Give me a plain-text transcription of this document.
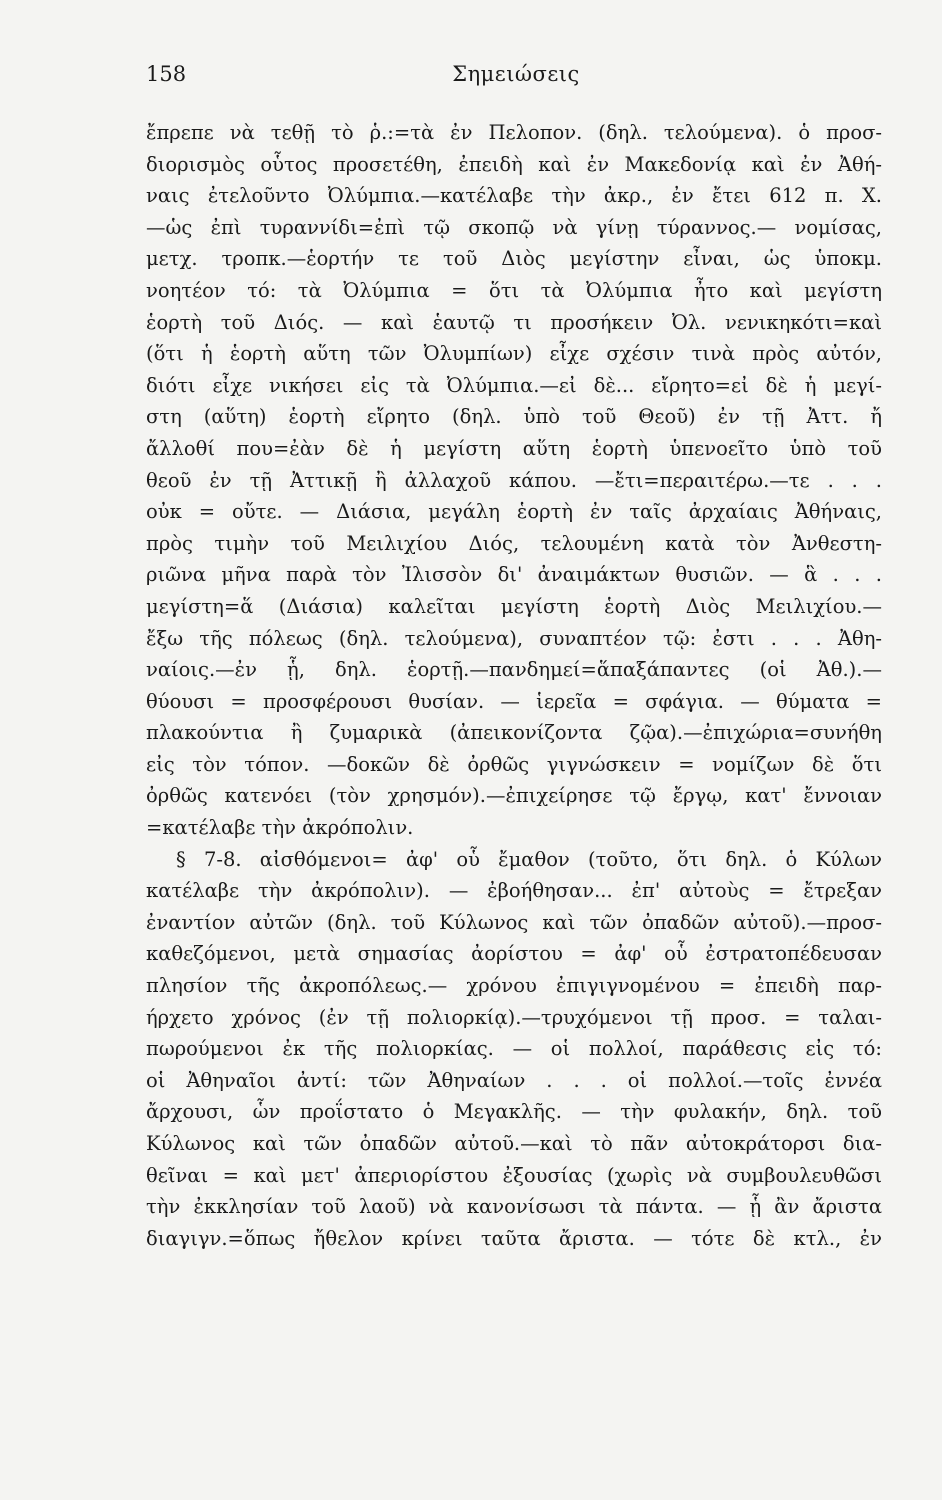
158	Σημειώσεις
ἔπρεπε νὰ τεθῇ τὸ ῥ.:=τὰ ἐν Πελοπον. (δηλ. τελούμενα). ὁ προσ-
διορισμὸς οὗτος προσετέθη, ἐπειδὴ καὶ ἐν Μακεδονίᾳ καὶ ἐν Ἀθή-
ναις ἐτελοῦντο Ὀλύμπια.—κατέλαβε τὴν ἀκρ., ἐν ἔτει 612 π. Χ.
—ὡς ἐπὶ τυραννίδι=ἐπὶ τῷ σκοπῷ νὰ γίνῃ τύραννος.— νομίσας,
μετχ. τροπκ.—ἑορτήν τε τοῦ Διὸς μεγίστην εἶναι, ὡς ὑποκμ.
νοητέον τό: τὰ Ὀλύμπια = ὅτι τὰ Ὀλύμπια ἦτο καὶ μεγίστη
ἑορτὴ τοῦ Διός. — καὶ ἑαυτῷ τι προσήκειν Ὀλ. νενικηκότι=καὶ
(ὅτι ἡ ἑορτὴ αὕτη τῶν Ὀλυμπίων) εἶχε σχέσιν τινὰ πρὸς αὐτόν,
διότι εἶχε νικήσει εἰς τὰ Ὀλύμπια.—εἰ δὲ... εἴρητο=εἰ δὲ ἡ μεγί-
στη (αὕτη) ἑορτὴ εἴρητο (δηλ. ὑπὸ τοῦ Θεοῦ) ἐν τῇ Ἀττ. ἤ
ἄλλοθί που=ἐὰν δὲ ἡ μεγίστη αὕτη ἑορτὴ ὑπενοεῖτο ὑπὸ τοῦ
θεοῦ ἐν τῇ Ἀττικῇ ἢ ἀλλαχοῦ κάπου. —ἔτι=περαιτέρω.—τε . . .
οὐκ = οὔτε. — Διάσια, μεγάλη ἑορτὴ ἐν ταῖς ἀρχαίαις Ἀθήναις,
πρὸς τιμὴν τοῦ Μειλιχίου Διός, τελουμένη κατὰ τὸν Ἀνθεστη-
ριῶνα μῆνα παρὰ τὸν Ἰλισσὸν δι' ἀναιμάκτων θυσιῶν. — ἃ . . .
μεγίστη=ἅ (Διάσια) καλεῖται μεγίστη ἑορτὴ Διὸς Μειλιχίου.—
ἔξω τῆς πόλεως (δηλ. τελούμενα), συναπτέον τῷ: ἐστι . . . Ἀθη-
ναίοις.—ἐν ᾗ, δηλ. ἑορτῇ.—πανδημεί=ἅπαξάπαντες (οἱ Ἀθ.).—
θύουσι = προσφέρουσι θυσίαν. — ἱερεῖα = σφάγια. — θύματα =
πλακούντια ἢ ζυμαρικὰ (ἀπεικονίζοντα ζῷα).—ἐπιχώρια=συνήθη
εἰς τὸν τόπον. —δοκῶν δὲ ὀρθῶς γιγνώσκειν = νομίζων δὲ ὅτι
ὀρθῶς κατενόει (τὸν χρησμόν).—ἐπιχείρησε τῷ ἔργῳ, κατ' ἔννοιαν
=κατέλαβε τὴν ἀκρόπολιν.
§ 7-8. αἰσθόμενοι= ἀφ' οὗ ἔμαθον (τοῦτο, ὅτι δηλ. ὁ Κύλων
κατέλαβε τὴν ἀκρόπολιν). — ἐβοήθησαν... ἐπ' αὐτοὺς = ἔτρεξαν
ἐναντίον αὐτῶν (δηλ. τοῦ Κύλωνος καὶ τῶν ὀπαδῶν αὐτοῦ).—προσ-
καθεζόμενοι, μετὰ σημασίας ἀορίστου = ἀφ' οὗ ἐστρατοπέδευσαν
πλησίον τῆς ἀκροπόλεως.— χρόνου ἐπιγιγνομένου = ἐπειδὴ παρ-
ήρχετο χρόνος (ἐν τῇ πολιορκίᾳ).—τρυχόμενοι τῇ προσ. = ταλαι-
πωρούμενοι ἐκ τῆς πολιορκίας. — οἱ πολλοί, παράθεσις εἰς τό:
οἱ Ἀθηναῖοι ἀντί: τῶν Ἀθηναίων . . . οἱ πολλοί.—τοῖς ἐννέα
ἄρχουσι, ὧν προΐστατο ὁ Μεγακλῆς. — τὴν φυλακήν, δηλ. τοῦ
Κύλωνος καὶ τῶν ὀπαδῶν αὐτοῦ.—καὶ τὸ πᾶν αὐτοκράτορσι δια-
θεῖναι = καὶ μετ' ἀπεριορίστου ἐξουσίας (χωρὶς νὰ συμβουλευθῶσι
τὴν ἐκκλησίαν τοῦ λαοῦ) νὰ κανονίσωσι τὰ πάντα. — ᾗ ἂν ἄριστα
διαγιγν.=ὅπως ἤθελον κρίνει ταῦτα ἄριστα. — τότε δὲ κτλ., ἐν
